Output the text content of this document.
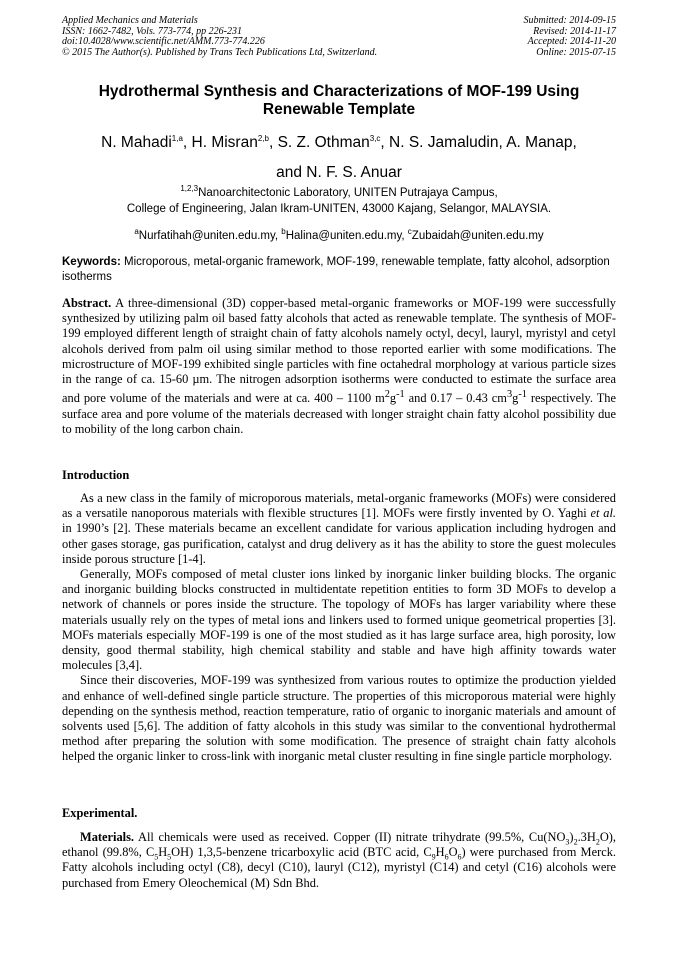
Applied Mechanics and Materials
ISSN: 1662-7482, Vols. 773-774, pp 226-231
doi:10.4028/www.scientific.net/AMM.773-774.226
© 2015 The Author(s). Published by Trans Tech Publications Ltd, Switzerland.
Submitted: 2014-09-15
Revised: 2014-11-17
Accepted: 2014-11-20
Online: 2015-07-15
Hydrothermal Synthesis and Characterizations of MOF-199 Using Renewable Template
N. Mahadi$^{1,a}$, H. Misran$^{2,b}$, S. Z. Othman$^{3,c}$, N. S. Jamaludin, A. Manap,
and N. F. S. Anuar
$^{1,2,3}$Nanoarchitectonic Laboratory, UNITEN Putrajaya Campus,
College of Engineering, Jalan Ikram-UNITEN, 43000 Kajang, Selangor, MALAYSIA.
$^a$Nurfatihah@uniten.edu.my, $^b$Halina@uniten.edu.my, $^c$Zubaidah@uniten.edu.my
Keywords: Microporous, metal-organic framework, MOF-199, renewable template, fatty alcohol, adsorption isotherms
Abstract. A three-dimensional (3D) copper-based metal-organic frameworks or MOF-199 were successfully synthesized by utilizing palm oil based fatty alcohols that acted as renewable template. The synthesis of MOF-199 employed different length of straight chain of fatty alcohols namely octyl, decyl, lauryl, myristyl and cetyl alcohols derived from palm oil using similar method to those reported earlier with some modifications. The microstructure of MOF-199 exhibited single particles with fine octahedral morphology at various particle sizes in the range of ca. 15-60 µm. The nitrogen adsorption isotherms were conducted to estimate the surface area and pore volume of the materials and were at ca. 400 – 1100 $m^2g^{-1}$ and 0.17 – 0.43 $cm^3g^{-1}$ respectively. The surface area and pore volume of the materials decreased with longer straight chain fatty alcohol possibility due to mobility of the long carbon chain.
Introduction

As a new class in the family of microporous materials, metal-organic frameworks (MOFs) were considered as a versatile nanoporous materials with flexible structures [1]. MOFs were firstly invented by O. Yaghi et al. in 1990’s [2]. These materials became an excellent candidate for various application including hydrogen and other gases storage, gas purification, catalyst and drug delivery as it has the ability to store the guest molecules inside porous structure [1-4].

Generally, MOFs composed of metal cluster ions linked by inorganic linker building blocks. The organic and inorganic building blocks constructed in multidentate repetition entities to form 3D MOFs to develop a network of channels or pores inside the structure. The topology of MOFs has larger variability where these materials usually rely on the types of metal ions and linkers used to formed unique geometrical properties [3]. MOFs materials especially MOF-199 is one of the most studied as it has large surface area, high porosity, low density, good thermal stability, high chemical stability and stable and have high affinity towards water molecules [3,4].

Since their discoveries, MOF-199 was synthesized from various routes to optimize the production yielded and enhance of well-defined single particle structure. The properties of this microporous material were highly depending on the synthesis method, reaction temperature, ratio of organic to inorganic materials and amount of solvents used [5,6]. The addition of fatty alcohols in this study was similar to the conventional hydrothermal method after preparing the solution with some modification. The presence of straight chain fatty alcohols helped the organic linker to cross-link with inorganic metal cluster resulting in fine single particle morphology.

Experimental.

Materials. All chemicals were used as received. Copper (II) nitrate trihydrate (99.5%, $Cu(NO_3)_2.3H_2O$), ethanol (99.8%, $C_5H_5OH$) 1,3,5-benzene tricarboxylic acid (BTC acid, $C_9H_6O_6$) were purchased from Merck. Fatty alcohols including octyl (C8), decyl (C10), lauryl (C12), myristyl (C14) and cetyl (C16) alcohols were purchased from Emery Oleochemical (M) Sdn Bhd.
